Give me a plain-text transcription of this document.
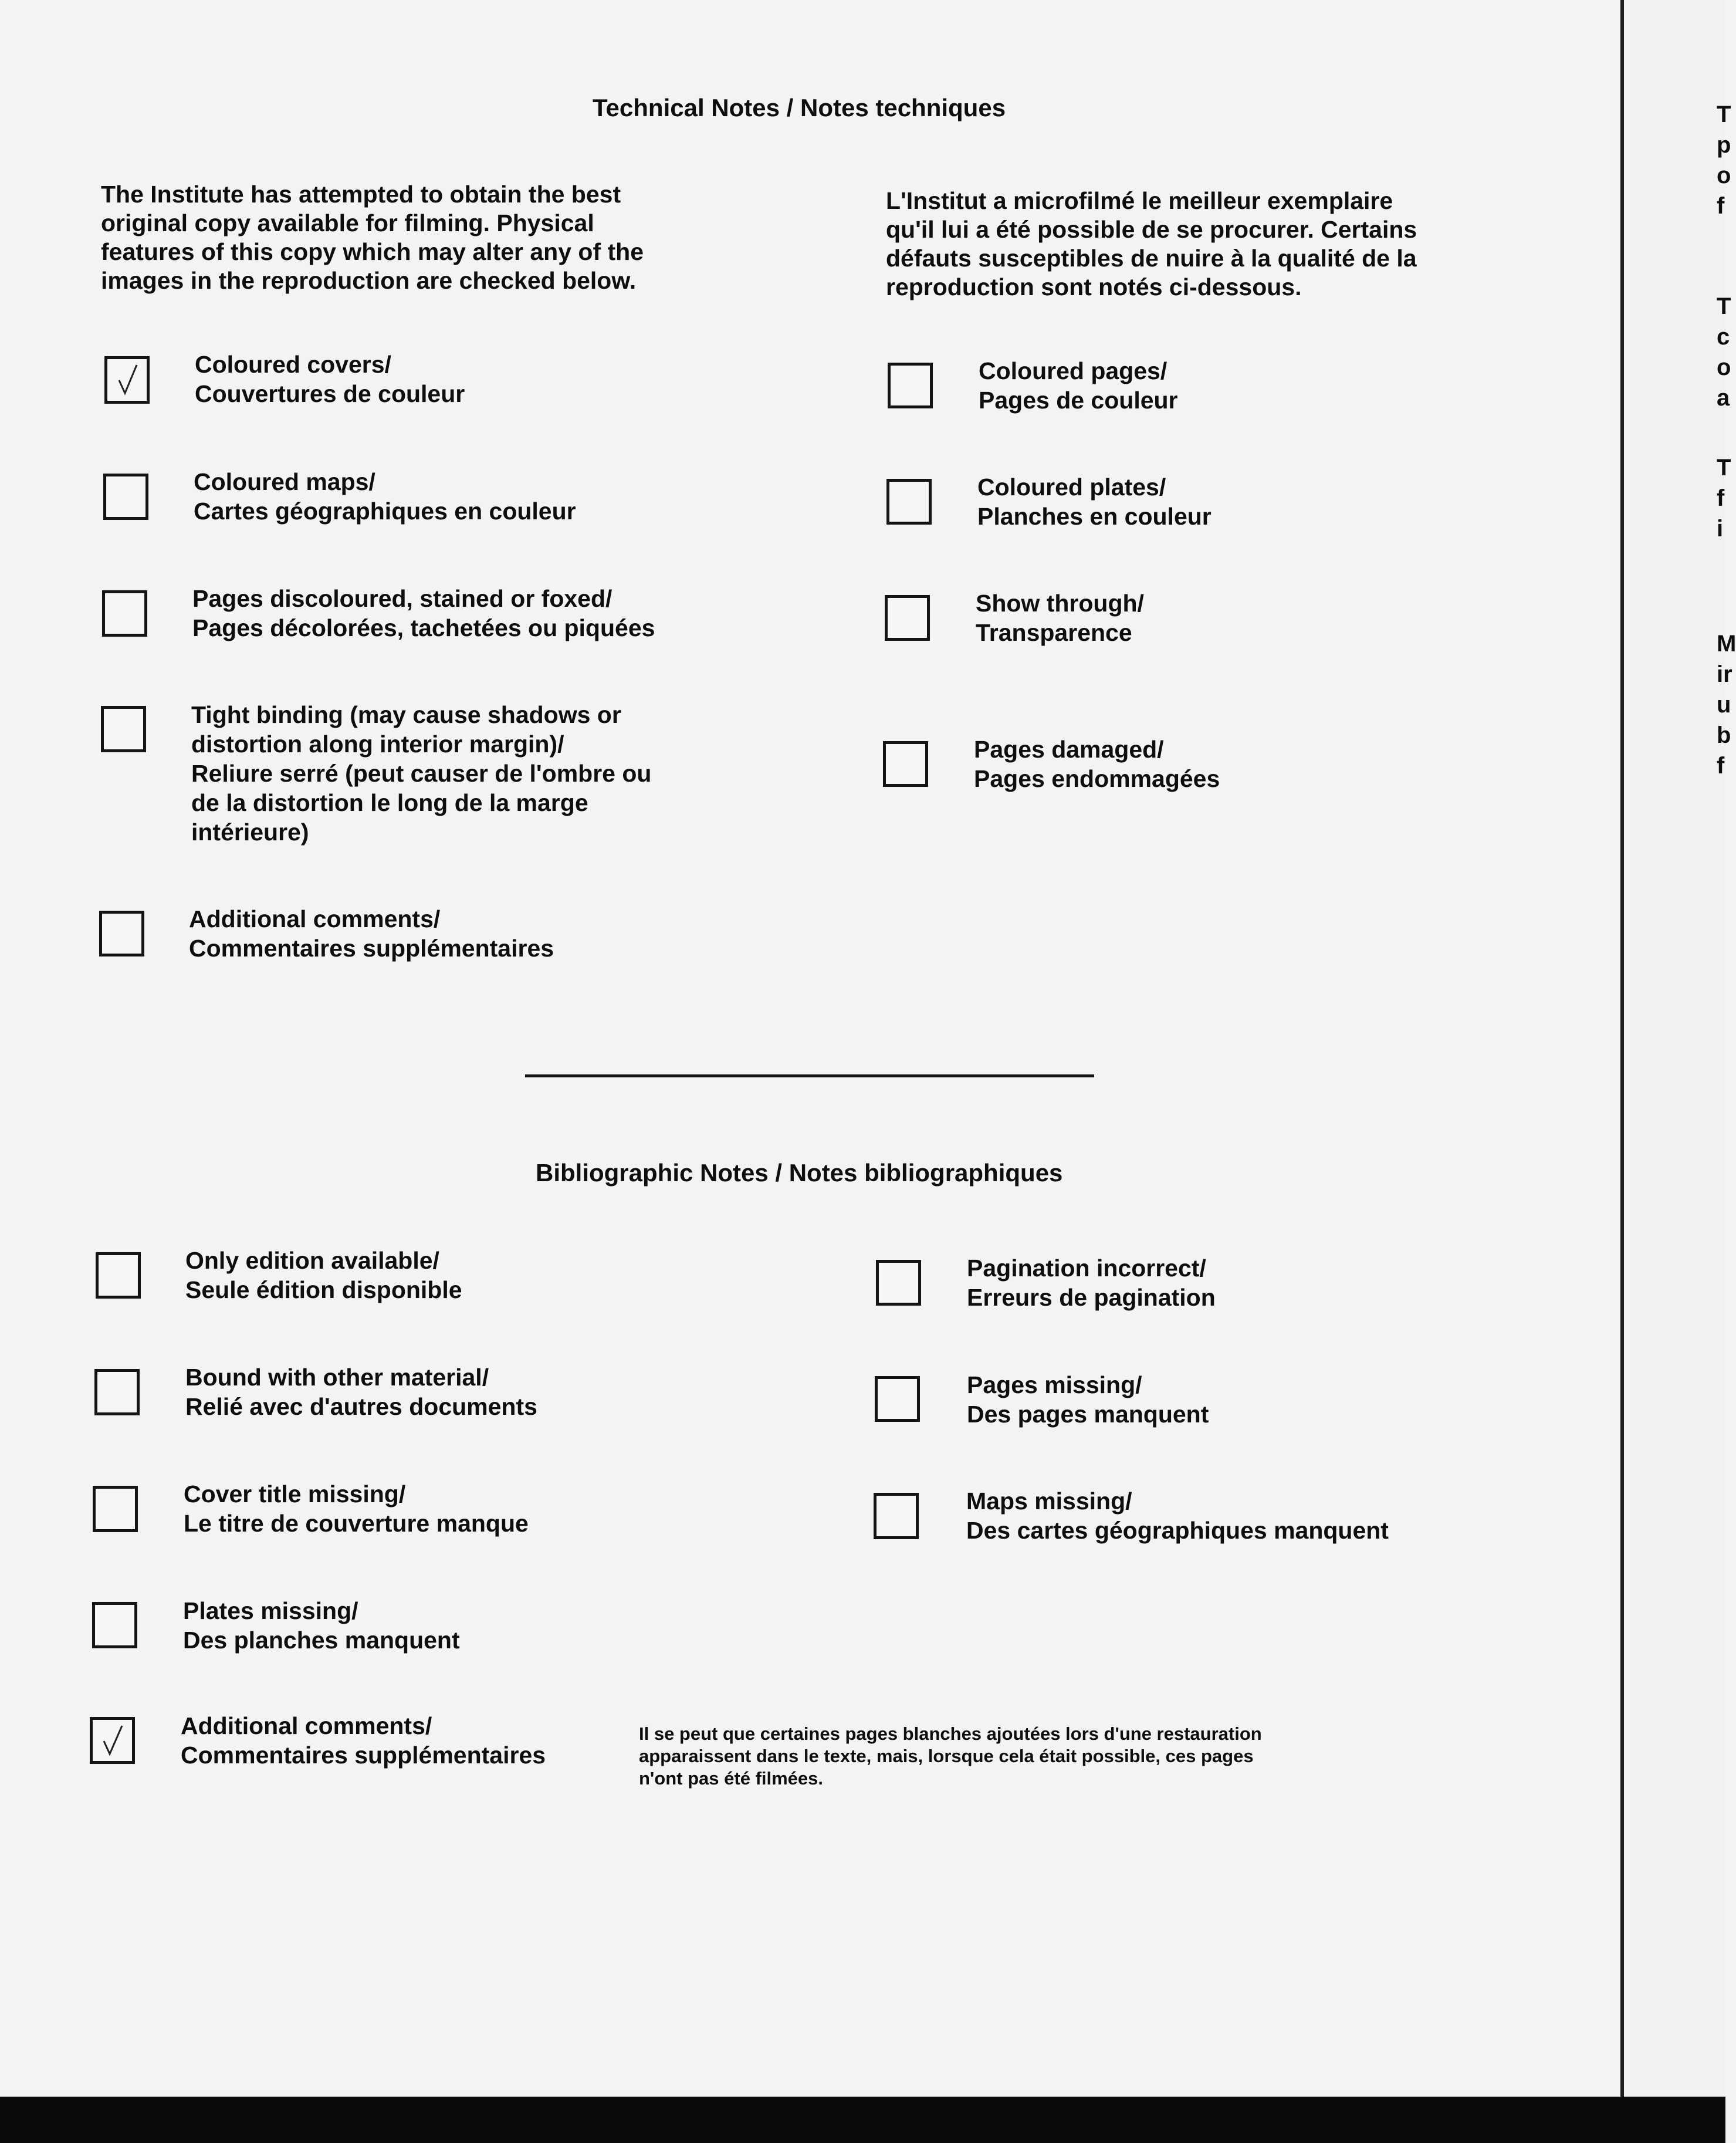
Technical Notes / Notes techniques
The Institute has attempted to obtain the best
original copy available for filming. Physical
features of this copy which may alter any of the
images in the reproduction are checked below.
L'Institut a microfilmé le meilleur exemplaire
qu'il lui a été possible de se procurer. Certains
défauts susceptibles de nuire à la qualité de la
reproduction sont notés ci-dessous.
Coloured covers/
Couvertures de couleur
Coloured maps/
Cartes géographiques en couleur
Pages discoloured, stained or foxed/
Pages décolorées, tachetées ou piquées
Tight binding (may cause shadows or
distortion along interior margin)/
Reliure serré (peut causer de l'ombre ou
de la distortion le long de la marge
intérieure)
Additional comments/
Commentaires supplémentaires
Coloured pages/
Pages de couleur
Coloured plates/
Planches en couleur
Show through/
Transparence
Pages damaged/
Pages endommagées
Bibliographic Notes / Notes bibliographiques
Only edition available/
Seule édition disponible
Bound with other material/
Relié avec d'autres documents
Cover title missing/
Le titre de couverture manque
Plates missing/
Des planches manquent
Additional comments/
Commentaires supplémentaires
Pagination incorrect/
Erreurs de pagination
Pages missing/
Des pages manquent
Maps missing/
Des cartes géographiques manquent
Il se peut que certaines pages blanches ajoutées lors d'une restauration
apparaissent dans le texte, mais, lorsque cela était possible, ces pages
n'ont pas été filmées.
T
p
o
f
T
c
o
a
T
f
i
M
ir
u
b
f
